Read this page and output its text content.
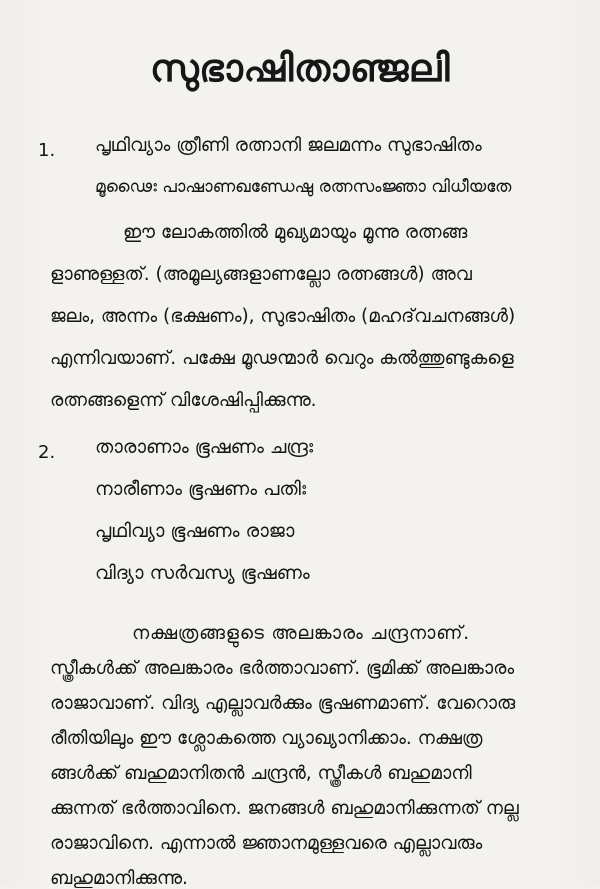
സുഭാഷിതാഞ്ജലി
1.	പൃഥിവ്യാം ത്രീണി രത്നാനി ജലമന്നം സുഭാഷിതം
മൂഢൈഃ പാഷാണഖണ്ഡേഷു രത്നസംജ്ഞാ വിധീയതേ
ഈ ലോകത്തിൽ മുഖ്യമായും മൂന്നു രത്നങ്ങ
ളാണുള്ളത്. (അമൂല്യങ്ങളാണല്ലോ രത്നങ്ങൾ) അവ
ജലം, അന്നം (ഭക്ഷണം), സുഭാഷിതം (മഹദ്‌വചനങ്ങൾ)
എന്നിവയാണ്. പക്ഷേ മൂഢന്മാർ വെറും കൽത്തുണ്ടുകളെ
രത്നങ്ങളെന്ന് വിശേഷിപ്പിക്കുന്നു.
2.	താരാണാം ഭൂഷണം ചന്ദ്രഃ
നാരീണാം ഭൂഷണം പതിഃ
പൃഥിവ്യാ ഭൂഷണം രാജാ
വിദ്യാ സർവസ്യ ഭൂഷണം
നക്ഷത്രങ്ങളുടെ അലങ്കാരം ചന്ദ്രനാണ്.
സ്ത്രീകൾക്ക് അലങ്കാരം ഭർത്താവാണ്. ഭൂമിക്ക് അലങ്കാരം
രാജാവാണ്. വിദ്യ എല്ലാവർക്കും ഭൂഷണമാണ്. വേറൊരു
രീതിയിലും ഈ ശ്ലോകത്തെ വ്യാഖ്യാനിക്കാം. നക്ഷത്ര
ങ്ങൾക്ക് ബഹുമാനിതൻ ചന്ദ്രൻ, സ്ത്രീകൾ ബഹുമാനി
ക്കുന്നത് ഭർത്താവിനെ. ജനങ്ങൾ ബഹുമാനിക്കുന്നത് നല്ല
രാജാവിനെ. എന്നാൽ ജ്ഞാനമുള്ളവരെ എല്ലാവരും
ബഹുമാനിക്കുന്നു.
